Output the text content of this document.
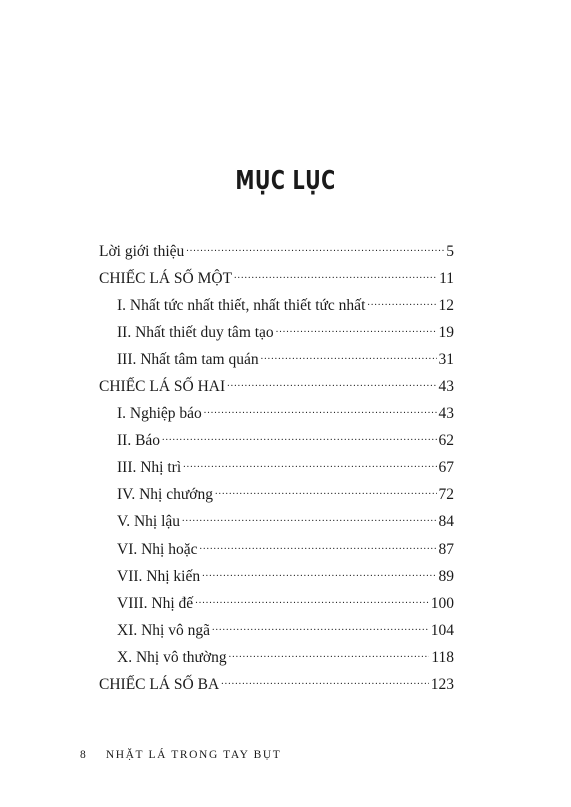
MỤC LỤC
Lời giới thiệu .....	5
CHIẾC LÁ SỐ MỘT .....	11
I. Nhất tức nhất thiết, nhất thiết tức nhất .....	12
II. Nhất thiết duy tâm tạo .....	19
III. Nhất tâm tam quán .....	31
CHIẾC LÁ SỐ HAI .....	43
I. Nghiệp báo .....	43
II. Báo .....	62
III. Nhị trì .....	67
IV. Nhị chướng .....	72
V. Nhị lậu .....	84
VI. Nhị hoặc .....	87
VII. Nhị kiến .....	89
VIII. Nhị đế .....	100
XI. Nhị vô ngã .....	104
X. Nhị vô thường .....	118
CHIẾC LÁ SỐ BA .....	123
8 NHẶT LÁ TRONG TAY BỤT
